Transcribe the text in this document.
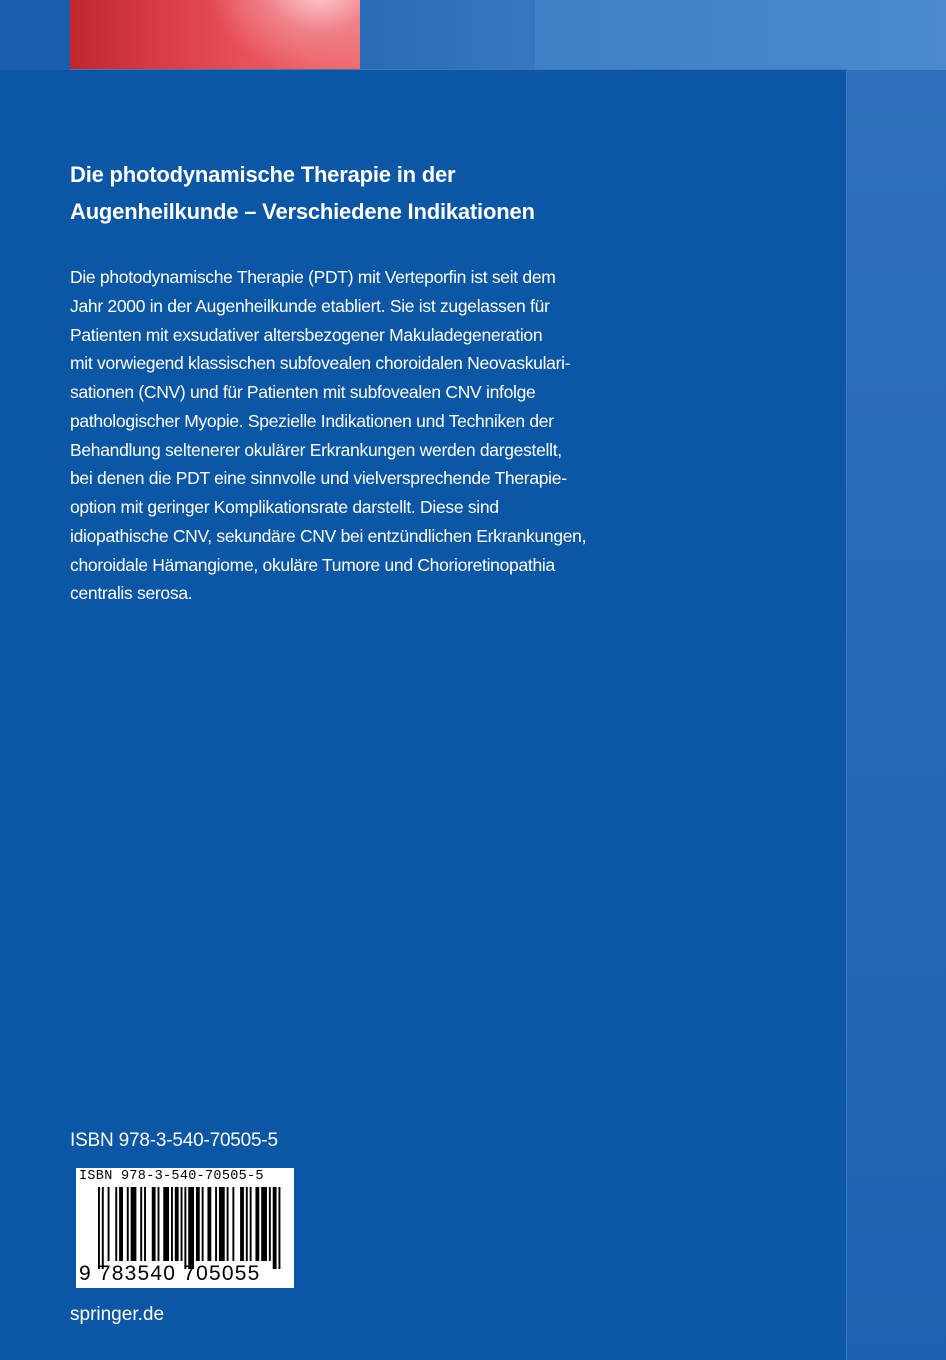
Die photodynamische Therapie in der
Augenheilkunde – Verschiedene Indikationen

Die photodynamische Therapie (PDT) mit Verteporfin ist seit dem
Jahr 2000 in der Augenheilkunde etabliert. Sie ist zugelassen für
Patienten mit exsudativer altersbezogener Makuladegeneration
mit vorwiegend klassischen subfovealen choroidalen Neovaskulari-
sationen (CNV) und für Patienten mit subfovealen CNV infolge
pathologischer Myopie. Spezielle Indikationen und Techniken der
Behandlung seltenerer okulärer Erkrankungen werden dargestellt,
bei denen die PDT eine sinnvolle und vielversprechende Therapie-
option mit geringer Komplikationsrate darstellt. Diese sind
idiopathische CNV, sekundäre CNV bei entzündlichen Erkrankungen,
choroidale Hämangiome, okuläre Tumore und Chorioretinopathia
centralis serosa.

ISBN 978-3-540-70505-5
ISBN 978-3-540-70505-5
9 783540 705055
springer.de
